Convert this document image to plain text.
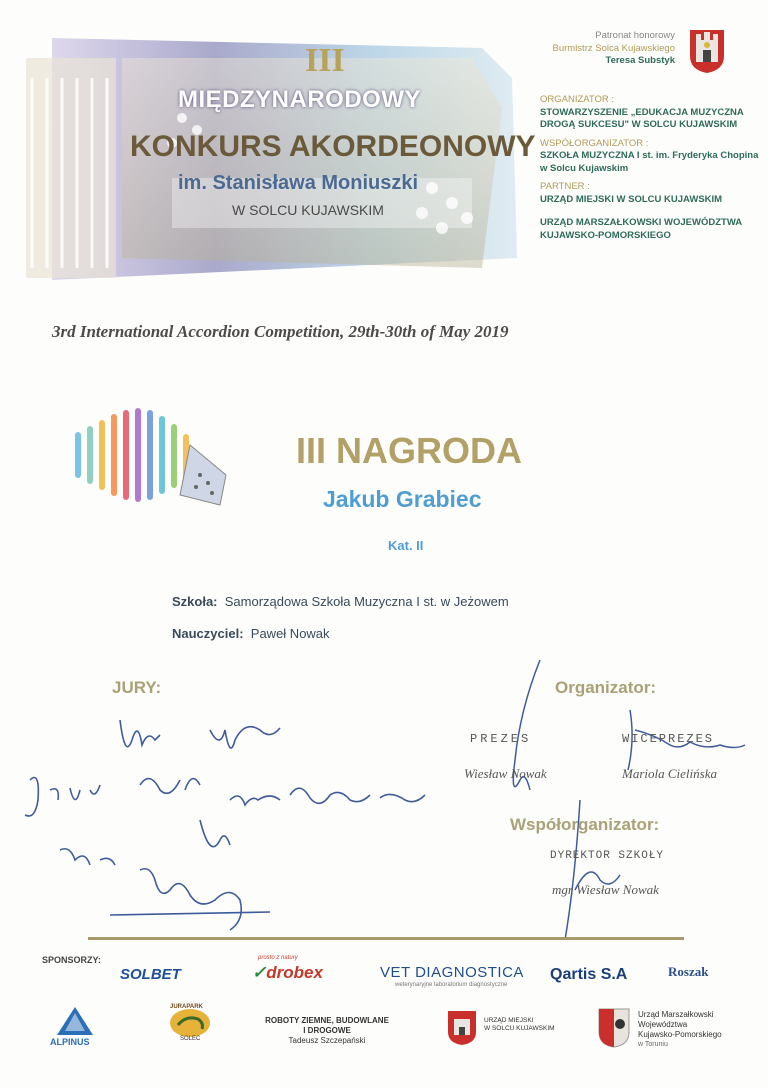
III
MIĘDZYNARODOWY
KONKURS AKORDEONOWY
im. Stanisława Moniuszki
W SOLCU KUJAWSKIM
3rd International Accordion Competition, 29th-30th of May 2019
Patronat honorowy
Burmistrz Solca Kujawskiego
Teresa Substyk
ORGANIZATOR :
STOWARZYSZENIE „EDUKACJA MUZYCZNA
DROGĄ SUKCESU" W SOLCU KUJAWSKIM
WSPÓŁORGANIZATOR :
SZKOŁA MUZYCZNA I st. im. Fryderyka Chopina
w Solcu Kujawskim
PARTNER :
URZĄD MIEJSKI W SOLCU KUJAWSKIM
URZĄD MARSZAŁKOWSKI WOJEWÓDZTWA
KUJAWSKO-POMORSKIEGO
III NAGRODA
Jakub Grabiec
Kat. II
Szkoła: Samorządowa Szkoła Muzyczna I st. w Jeżowem
Nauczyciel: Paweł Nowak
JURY:	Organizator:
PREZES
Wiesław Nowak
WICEPREZES
Mariola Cielińska
Współorganizator:
DYREKTOR SZKOŁY
mgr Wiesław Nowak
SPONSORZY:
SOLBET
prosto z natury
✓drobex	VET DIAGNOSTICA
weterynaryjne laboratorium diagnostyczne
Qartis S.A	Roszak
ALPINUS
JURAPARK
SOLEC
ROBOTY ZIEMNE, BUDOWLANE
I DROGOWE
Tadeusz Szczepański
URZĄD MIEJSKI
W SOLCU KUJAWSKIM
Urząd Marszałkowski
Województwa
Kujawsko-Pomorskiego
w Toruniu
